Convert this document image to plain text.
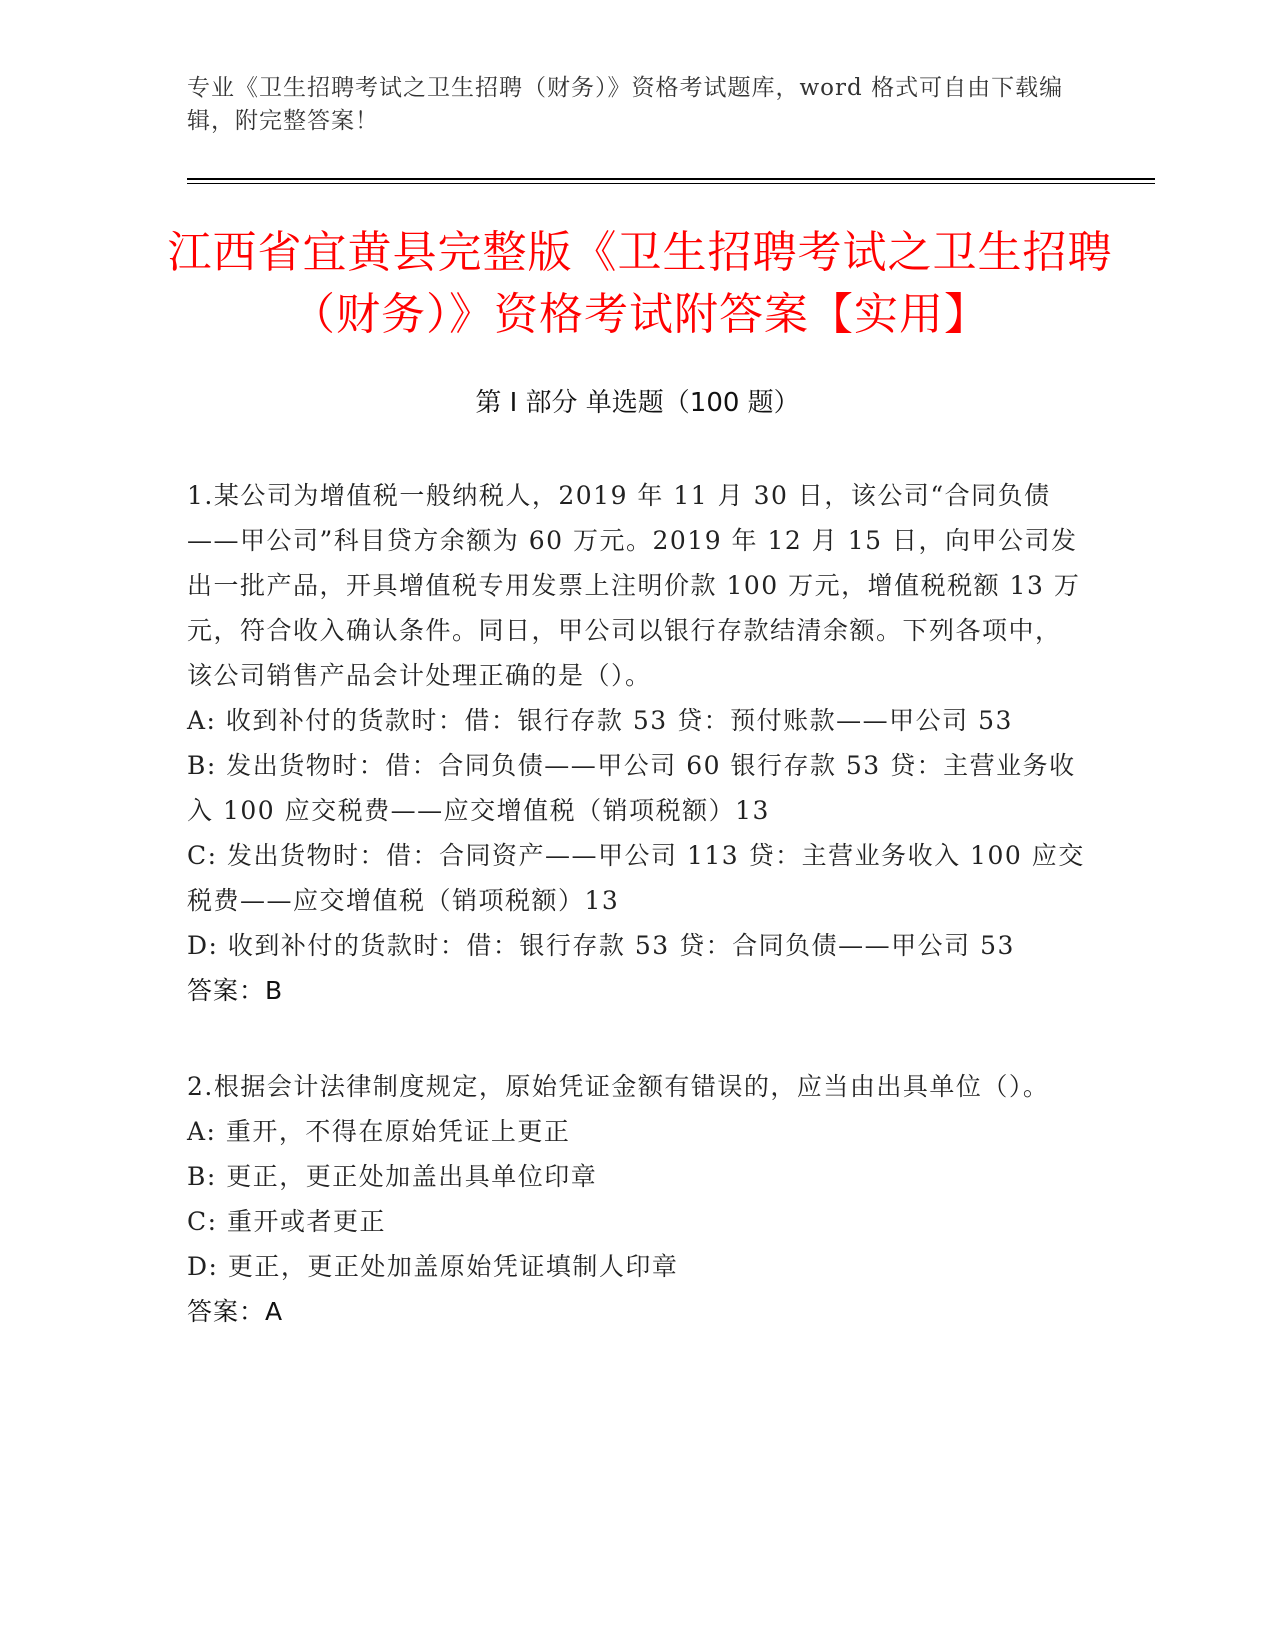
专业《卫生招聘考试之卫生招聘（财务）》资格考试题库，word 格式可自由下载编辑，附完整答案！
江西省宜黄县完整版《卫生招聘考试之卫生招聘（财务）》资格考试附答案【实用】
第 I 部分 单选题（100 题）
1.某公司为增值税一般纳税人，2019 年 11 月 30 日，该公司“合同负债——甲公司”科目贷方余额为 60 万元。2019 年 12 月 15 日，向甲公司发出一批产品，开具增值税专用发票上注明价款 100 万元，增值税税额 13 万元，符合收入确认条件。同日，甲公司以银行存款结清余额。下列各项中，该公司销售产品会计处理正确的是（）。
A: 收到补付的货款时：借：银行存款 53 贷：预付账款——甲公司 53
B: 发出货物时：借：合同负债——甲公司 60 银行存款 53 贷：主营业务收入 100 应交税费——应交增值税（销项税额）13
C: 发出货物时：借：合同资产——甲公司 113 贷：主营业务收入 100 应交税费——应交增值税（销项税额）13
D: 收到补付的货款时：借：银行存款 53 贷：合同负债——甲公司 53
答案：B
2.根据会计法律制度规定，原始凭证金额有错误的，应当由出具单位（）。
A: 重开，不得在原始凭证上更正
B: 更正，更正处加盖出具单位印章
C: 重开或者更正
D: 更正，更正处加盖原始凭证填制人印章
答案：A
